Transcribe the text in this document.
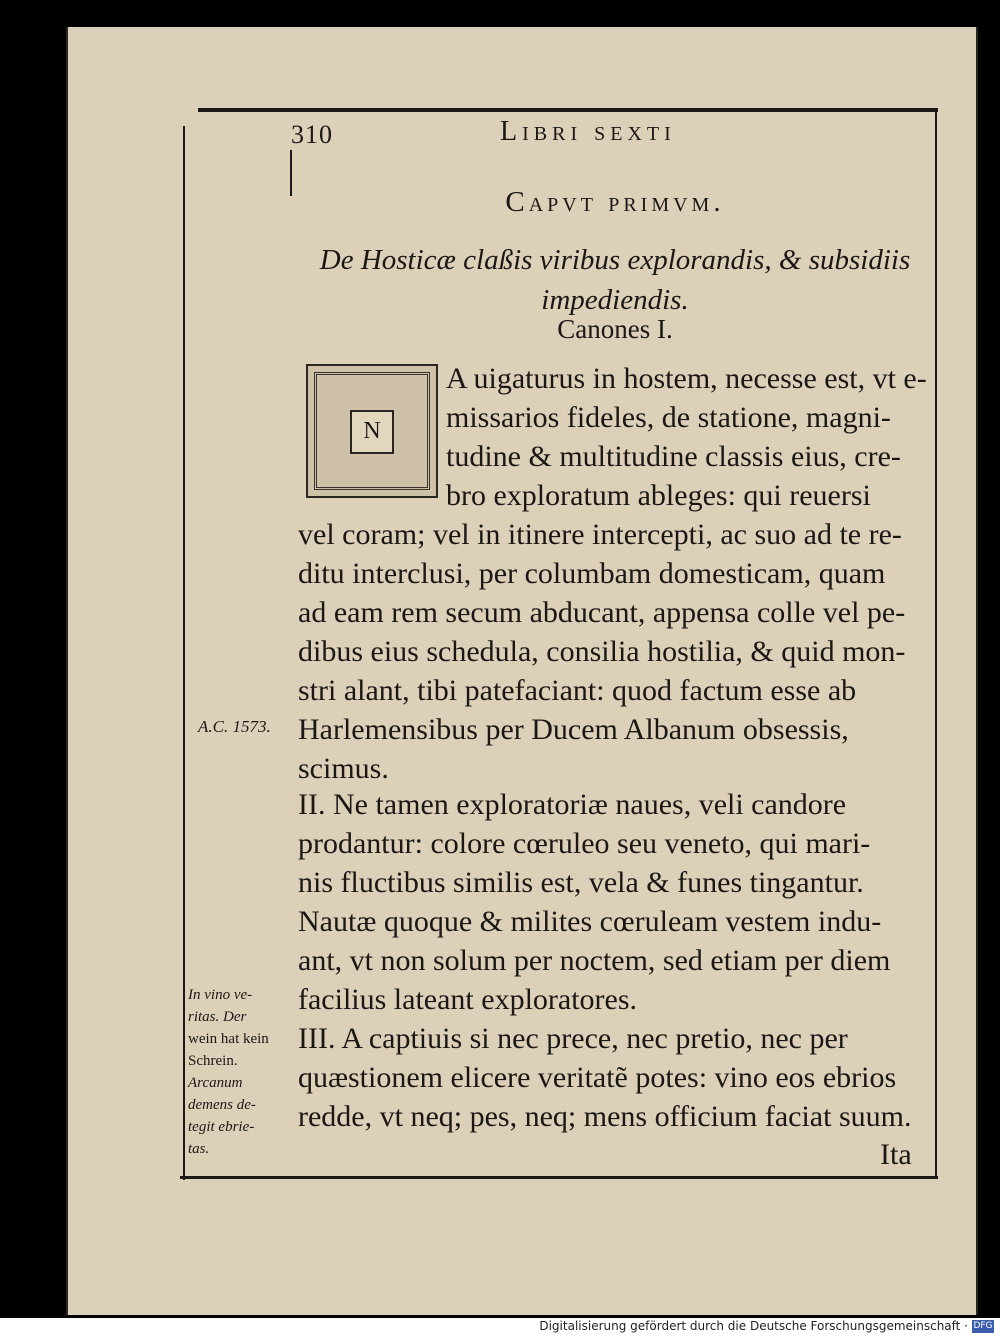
310	Libri sexti
Capvt primvm.
De Hosticæ claßis viribus explorandis, & subsidiis impediendis.
Canones I.
N
A uigaturus in hostem, necesse est, vt e-
missarios fideles, de statione, magni-
tudine & multitudine classis eius, cre-
bro exploratum ableges: qui reuersi
vel coram; vel in itinere intercepti, ac suo ad te re-
ditu interclusi, per columbam domesticam, quam
ad eam rem secum abducant, appensa colle vel pe-
dibus eius schedula, consilia hostilia, & quid mon-
stri alant, tibi patefaciant: quod factum esse ab
Harlemensibus per Ducem Albanum obsessis,
scimus.
II. Ne tamen exploratoriæ naues, veli candore
prodantur: colore cœruleo seu veneto, qui mari-
nis fluctibus similis est, vela & funes tingantur.
Nautæ quoque & milites cœruleam vestem indu-
ant, vt non solum per noctem, sed etiam per diem
facilius lateant exploratores.
III. A captiuis si nec prece, nec pretio, nec per
quæstionem elicere veritatẽ potes: vino eos ebrios
redde, vt neq; pes, neq; mens officium faciat suum.
Ita
A.C. 1573.
In vino ve-
ritas. Der
wein hat kein
Schrein.
Arcanum
demens de-
tegit ebrie-
tas.
Digitalisierung gefördert durch die Deutsche Forschungsgemeinschaft · DFG
